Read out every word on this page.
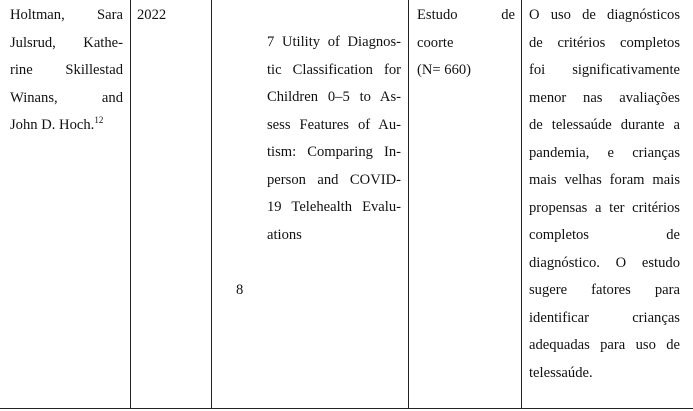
Holtman, Sara
Julsrud, Kathe-
rine Skillestad
Winans, and
John D. Hoch.$^{12}$
2022
8
7 Utility of Diagnos-
tic Classification for
Children 0–5 to As-
sess Features of Au-
tism: Comparing In-
person and COVID-
19 Telehealth Evalu-
ations
Estudo de
coorte
(N= 660)
O uso de diagnósticos
de critérios completos
foi significativamente
menor nas avaliações
de telessaúde durante a
pandemia, e crianças
mais velhas foram mais
propensas a ter critérios
completos de
diagnóstico. O estudo
sugere fatores para
identificar crianças
adequadas para uso de
telessaúde.
